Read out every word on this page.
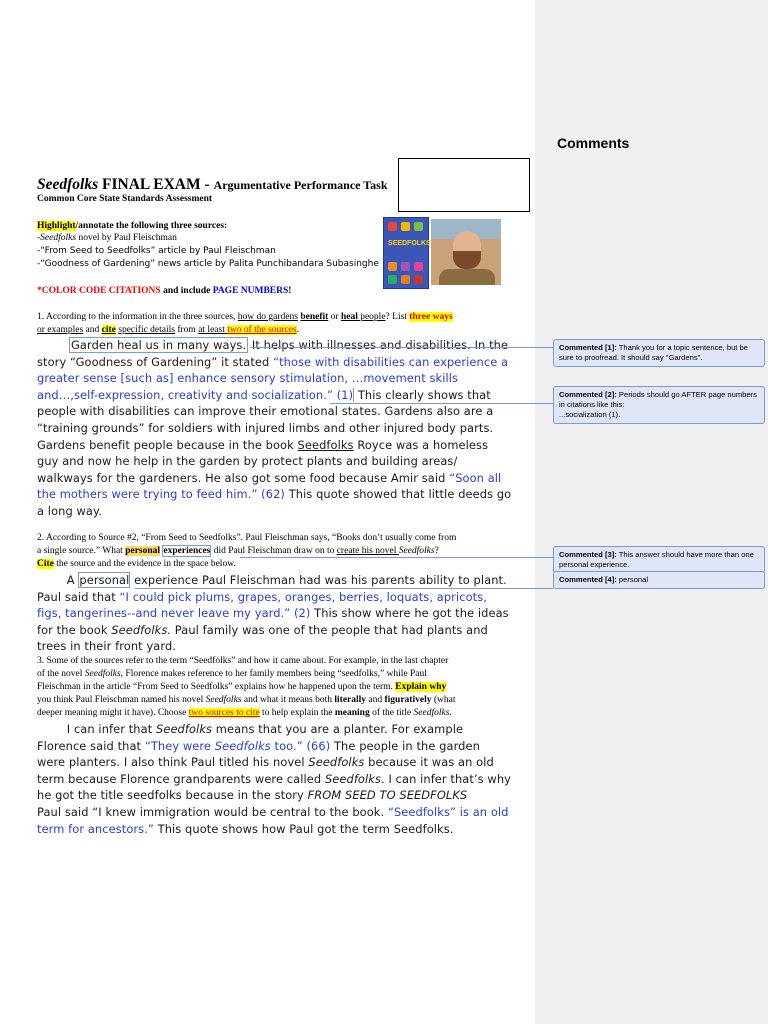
Comments
Seedfolks FINAL EXAM - Argumentative Performance Task
Common Core State Standards Assessment
Highlight/annotate the following three sources:
-Seedfolks novel by Paul Fleischman
-“From Seed to Seedfolks” article by Paul Fleischman
-“Goodness of Gardening” news article by Palita Punchibandara Subasinghe
SEEDFOLKS
*COLOR CODE CITATIONS and include PAGE NUMBERS!
1. According to the information in the three sources, how do gardens benefit or heal people? List three ways
or examples and cite specific details from at least two of the sources.
Garden heal us in many ways. It helps with illnesses and disabilities. In the
story “Goodness of Gardening” it stated “those with disabilities can experience a
greater sense [such as] enhance sensory stimulation, …movement skills
and…,self-expression, creativity and socialization.” (1) This clearly shows that
people with disabilities can improve their emotional states. Gardens also are a
“training grounds” for soldiers with injured limbs and other injured body parts.
Gardens benefit people because in the book Seedfolks Royce was a homeless
guy and now he help in the garden by protect plants and building areas/
walkways for the gardeners. He also got some food because Amir said “Soon all
the mothers were trying to feed him.” (62) This quote showed that little deeds go
a long way.
2. According to Source #2, “From Seed to Seedfolks”. Paul Fleischman says, “Books don’t usually come from
a single source.” What personal experiences did Paul Fleischman draw on to create his novel Seedfolks?
Cite the source and the evidence in the space below.
A personal experience Paul Fleischman had was his parents ability to plant.
Paul said that “I could pick plums, grapes, oranges, berries, loquats, apricots,
figs, tangerines--and never leave my yard.” (2) This show where he got the ideas
for the book Seedfolks. Paul family was one of the people that had plants and
trees in their front yard.
3. Some of the sources refer to the term “Seedfolks” and how it came about. For example, in the last chapter
of the novel Seedfolks, Florence makes reference to her family members being “seedfolks,” while Paul
Fleischman in the article “From Seed to Seedfolks” explains how he happened upon the term. Explain why
you think Paul Fleischman named his novel Seedfolks and what it means both literally and figuratively (what
deeper meaning might it have). Choose two sources to cite to help explain the meaning of the title Seedfolks.
I can infer that Seedfolks means that you are a planter. For example
Florence said that “They were Seedfolks too.” (66) The people in the garden
were planters. I also think Paul titled his novel Seedfolks because it was an old
term because Florence grandparents were called Seedfolks. I can infer that’s why
he got the title seedfolks because in the story FROM SEED TO SEEDFOLKS
Paul said “I knew immigration would be central to the book. “Seedfolks” is an old
term for ancestors.” This quote shows how Paul got the term Seedfolks.
Commented [1]: Thank you for a topic sentence, but be sure to proofread. It should say "Gardens".
Commented [2]: Periods should go AFTER page numbers in citations like this:
...socialization (1).
Commented [3]: This answer should have more than one personal experience.
Commented [4]: personal
